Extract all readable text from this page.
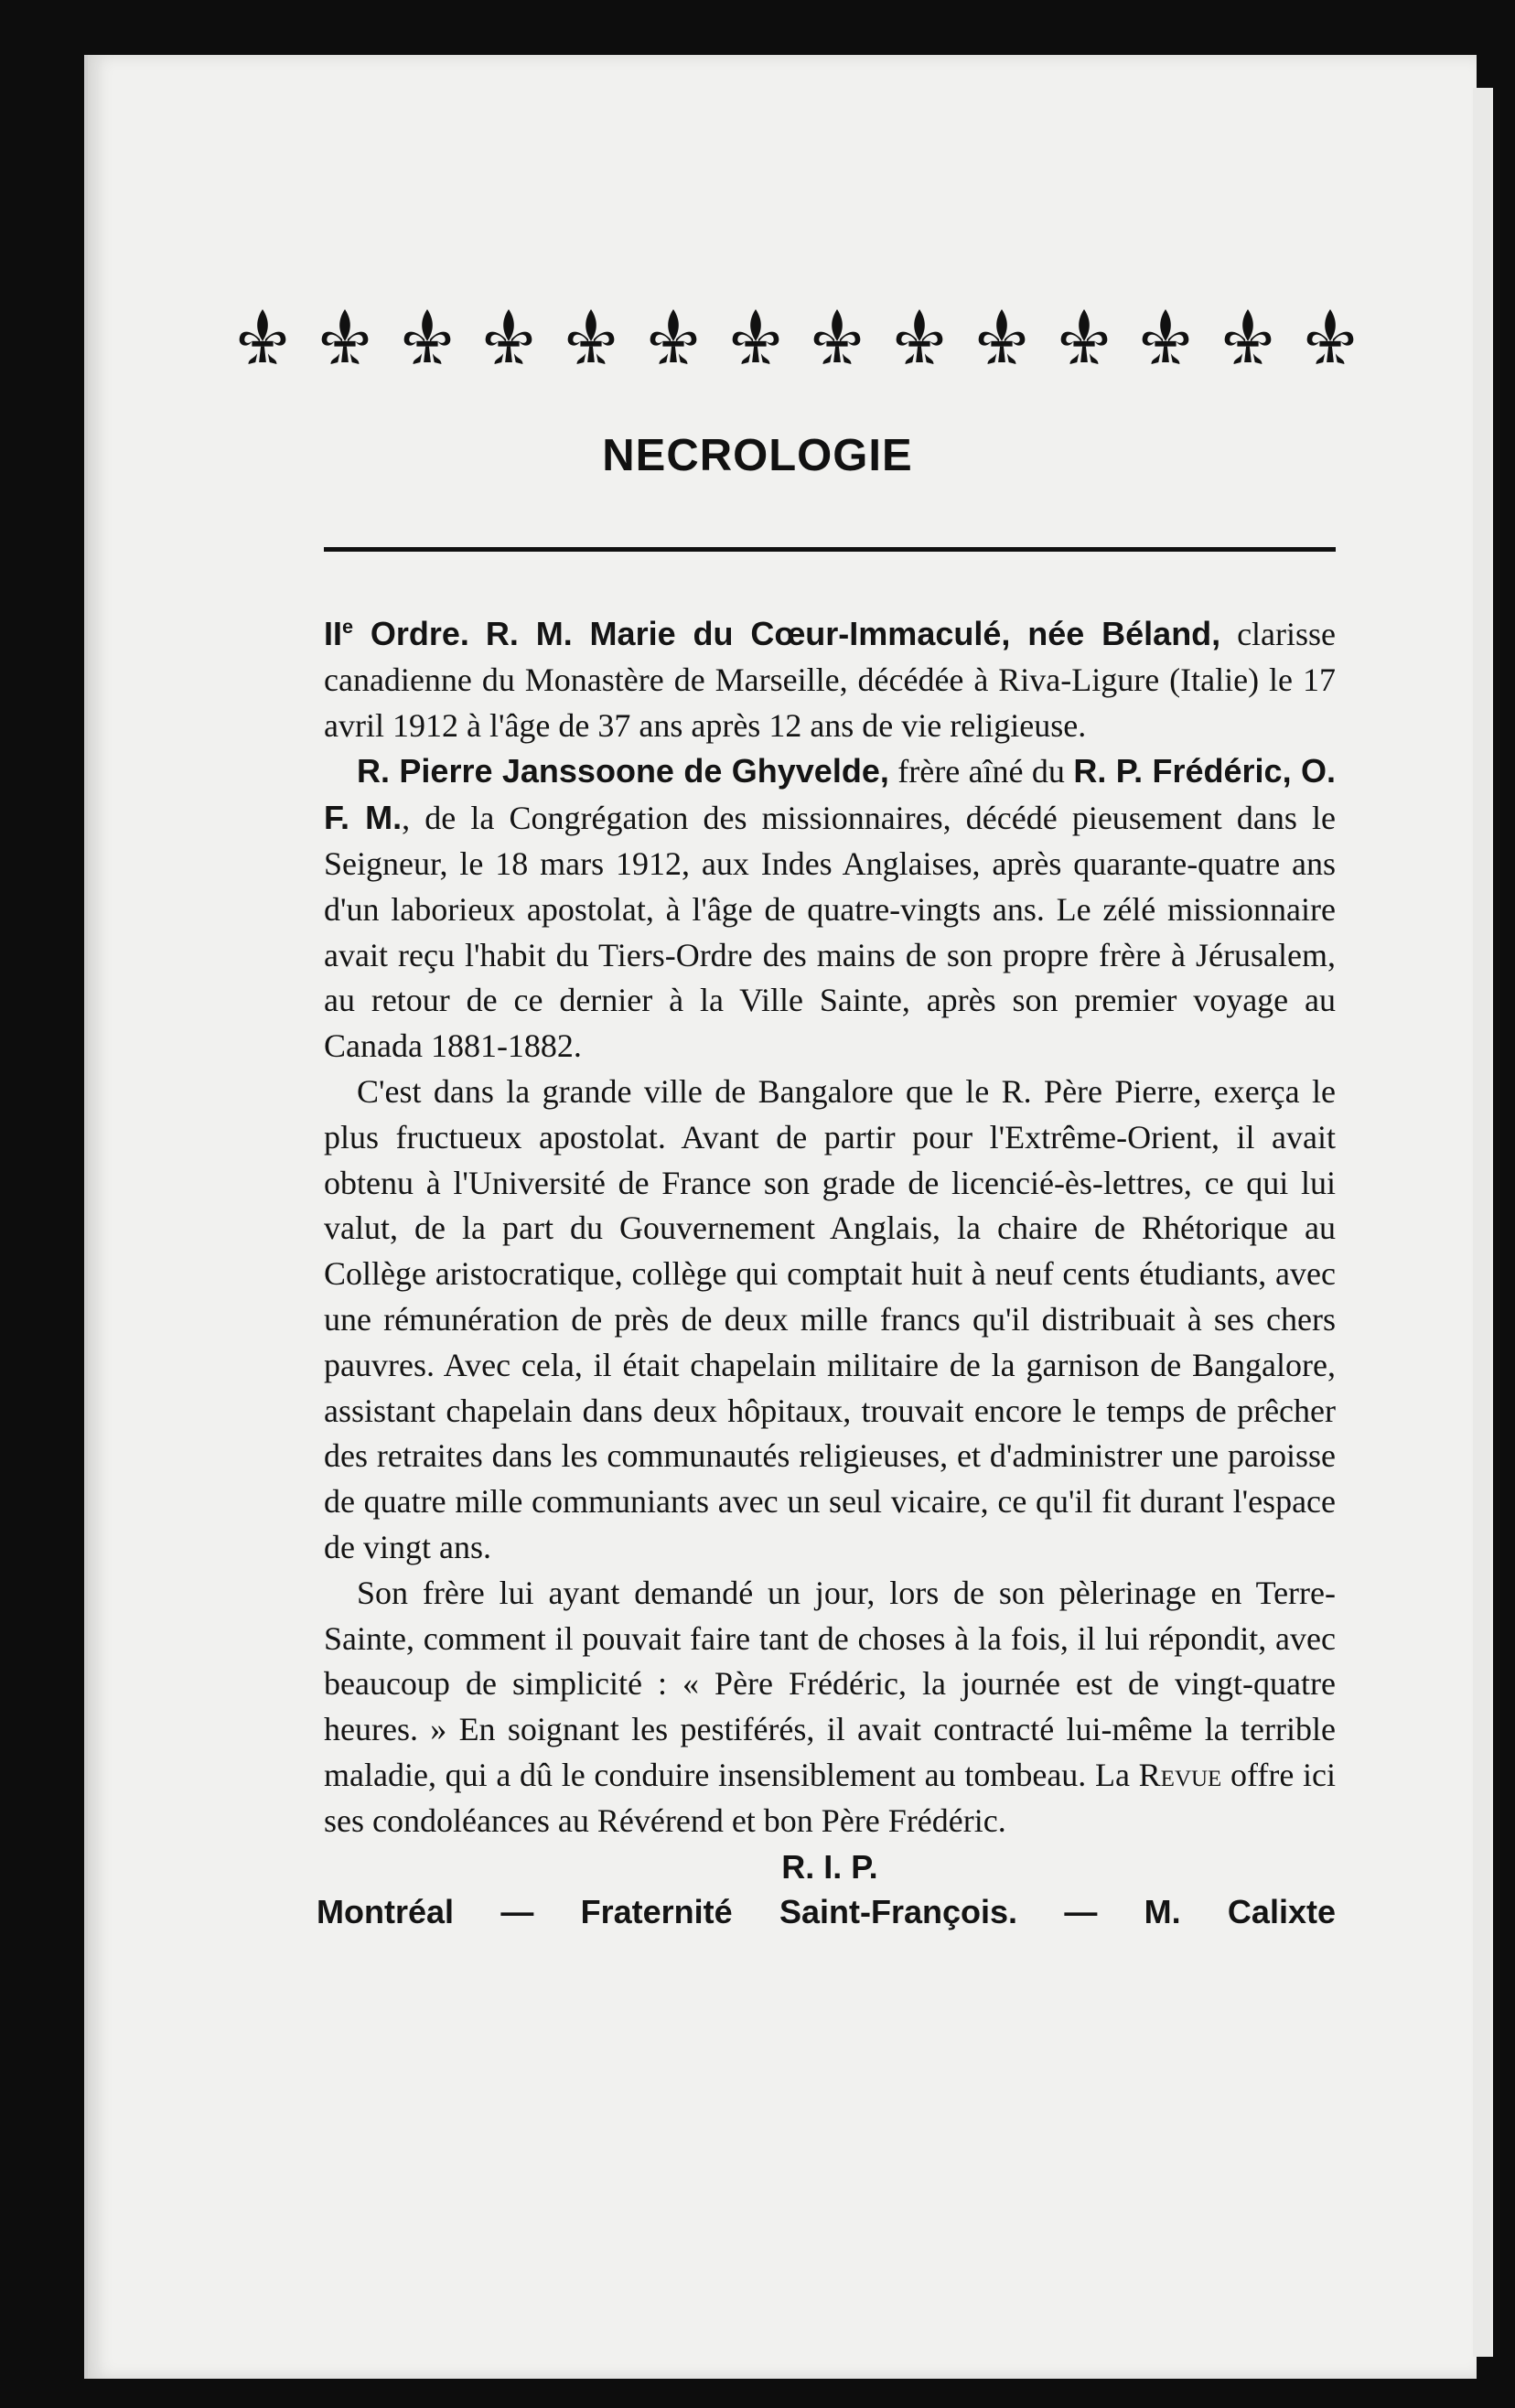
NECROLOGIE

IIe Ordre. R. M. Marie du Cœur-Immaculé, née Béland, clarisse canadienne du Monastère de Marseille, décédée à Riva-Ligure (Italie) le 17 avril 1912 à l'âge de 37 ans après 12 ans de vie religieuse.

R. Pierre Janssoone de Ghyvelde, frère aîné du R. P. Frédéric, O. F. M., de la Congrégation des missionnaires, décédé pieusement dans le Seigneur, le 18 mars 1912, aux Indes Anglaises, après quarante-quatre ans d'un laborieux apostolat, à l'âge de quatre-vingts ans. Le zélé missionnaire avait reçu l'habit du Tiers-Ordre des mains de son propre frère à Jérusalem, au retour de ce dernier à la Ville Sainte, après son premier voyage au Canada 1881-1882.

C'est dans la grande ville de Bangalore que le R. Père Pierre, exerça le plus fructueux apostolat. Avant de partir pour l'Extrême-Orient, il avait obtenu à l'Université de France son grade de licencié-ès-lettres, ce qui lui valut, de la part du Gouvernement Anglais, la chaire de Rhétorique au Collège aristocratique, collège qui comptait huit à neuf cents étudiants, avec une rémunération de près de deux mille francs qu'il distribuait à ses chers pauvres. Avec cela, il était chapelain militaire de la garnison de Bangalore, assistant chapelain dans deux hôpitaux, trouvait encore le temps de prêcher des retraites dans les communautés religieuses, et d'administrer une paroisse de quatre mille communiants avec un seul vicaire, ce qu'il fit durant l'espace de vingt ans.

Son frère lui ayant demandé un jour, lors de son pèlerinage en Terre-Sainte, comment il pouvait faire tant de choses à la fois, il lui répondit, avec beaucoup de simplicité : « Père Frédéric, la journée est de vingt-quatre heures. » En soignant les pestiférés, il avait contracté lui-même la terrible maladie, qui a dû le conduire insensiblement au tombeau. La Revue offre ici ses condoléances au Révérend et bon Père Frédéric.

R. I. P.

Montréal — Fraternité Saint-François. — M. Calixte
